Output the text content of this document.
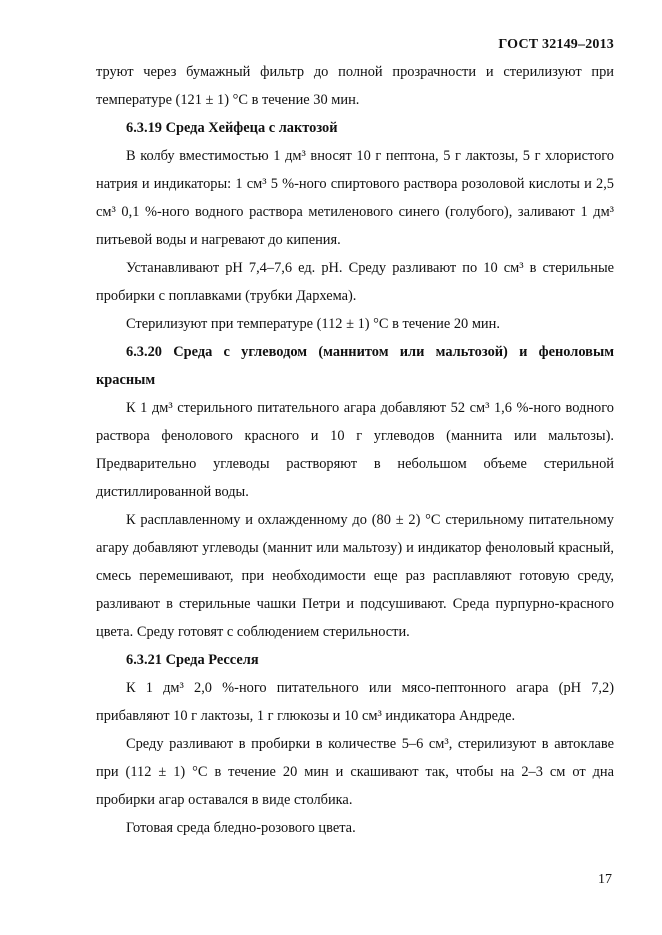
ГОСТ 32149–2013

труют через бумажный фильтр до полной прозрачности и стерилизуют при температуре (121 ± 1) °С в течение 30 мин.

6.3.19 Среда Хейфеца с лактозой

В колбу вместимостью 1 дм³ вносят 10 г пептона, 5 г лактозы, 5 г хлористого натрия и индикаторы: 1 см³ 5 %-ного спиртового раствора розоловой кислоты и 2,5 см³ 0,1 %-ного водного раствора метиленового синего (голубого), заливают 1 дм³ питьевой воды и нагревают до кипения.

Устанавливают рН 7,4–7,6 ед. рН. Среду разливают по 10 см³ в стерильные пробирки с поплавками (трубки Дархема).

Стерилизуют при температуре (112 ± 1) °С в течение 20 мин.

6.3.20 Среда с углеводом (маннитом или мальтозой) и феноловым красным

К 1 дм³ стерильного питательного агара добавляют 52 см³ 1,6 %-ного водного раствора фенолового красного и 10 г углеводов (маннита или мальтозы). Предварительно углеводы растворяют в небольшом объеме стерильной дистиллированной воды.

К расплавленному и охлажденному до (80 ± 2) °С стерильному питательному агару добавляют углеводы (маннит или мальтозу) и индикатор феноловый красный, смесь перемешивают, при необходимости еще раз расплавляют готовую среду, разливают в стерильные чашки Петри и подсушивают. Среда пурпурно-красного цвета. Среду готовят с соблюдением стерильности.

6.3.21 Среда Ресселя

К 1 дм³ 2,0 %-ного питательного или мясо-пептонного агара (рН 7,2) прибавляют 10 г лактозы, 1 г глюкозы и 10 см³ индикатора Андреде.

Среду разливают в пробирки в количестве 5–6 см³, стерилизуют в автоклаве при (112 ± 1) °С в течение 20 мин и скашивают так, чтобы на 2–3 см от дна пробирки агар оставался в виде столбика.

Готовая среда бледно-розового цвета.

17
